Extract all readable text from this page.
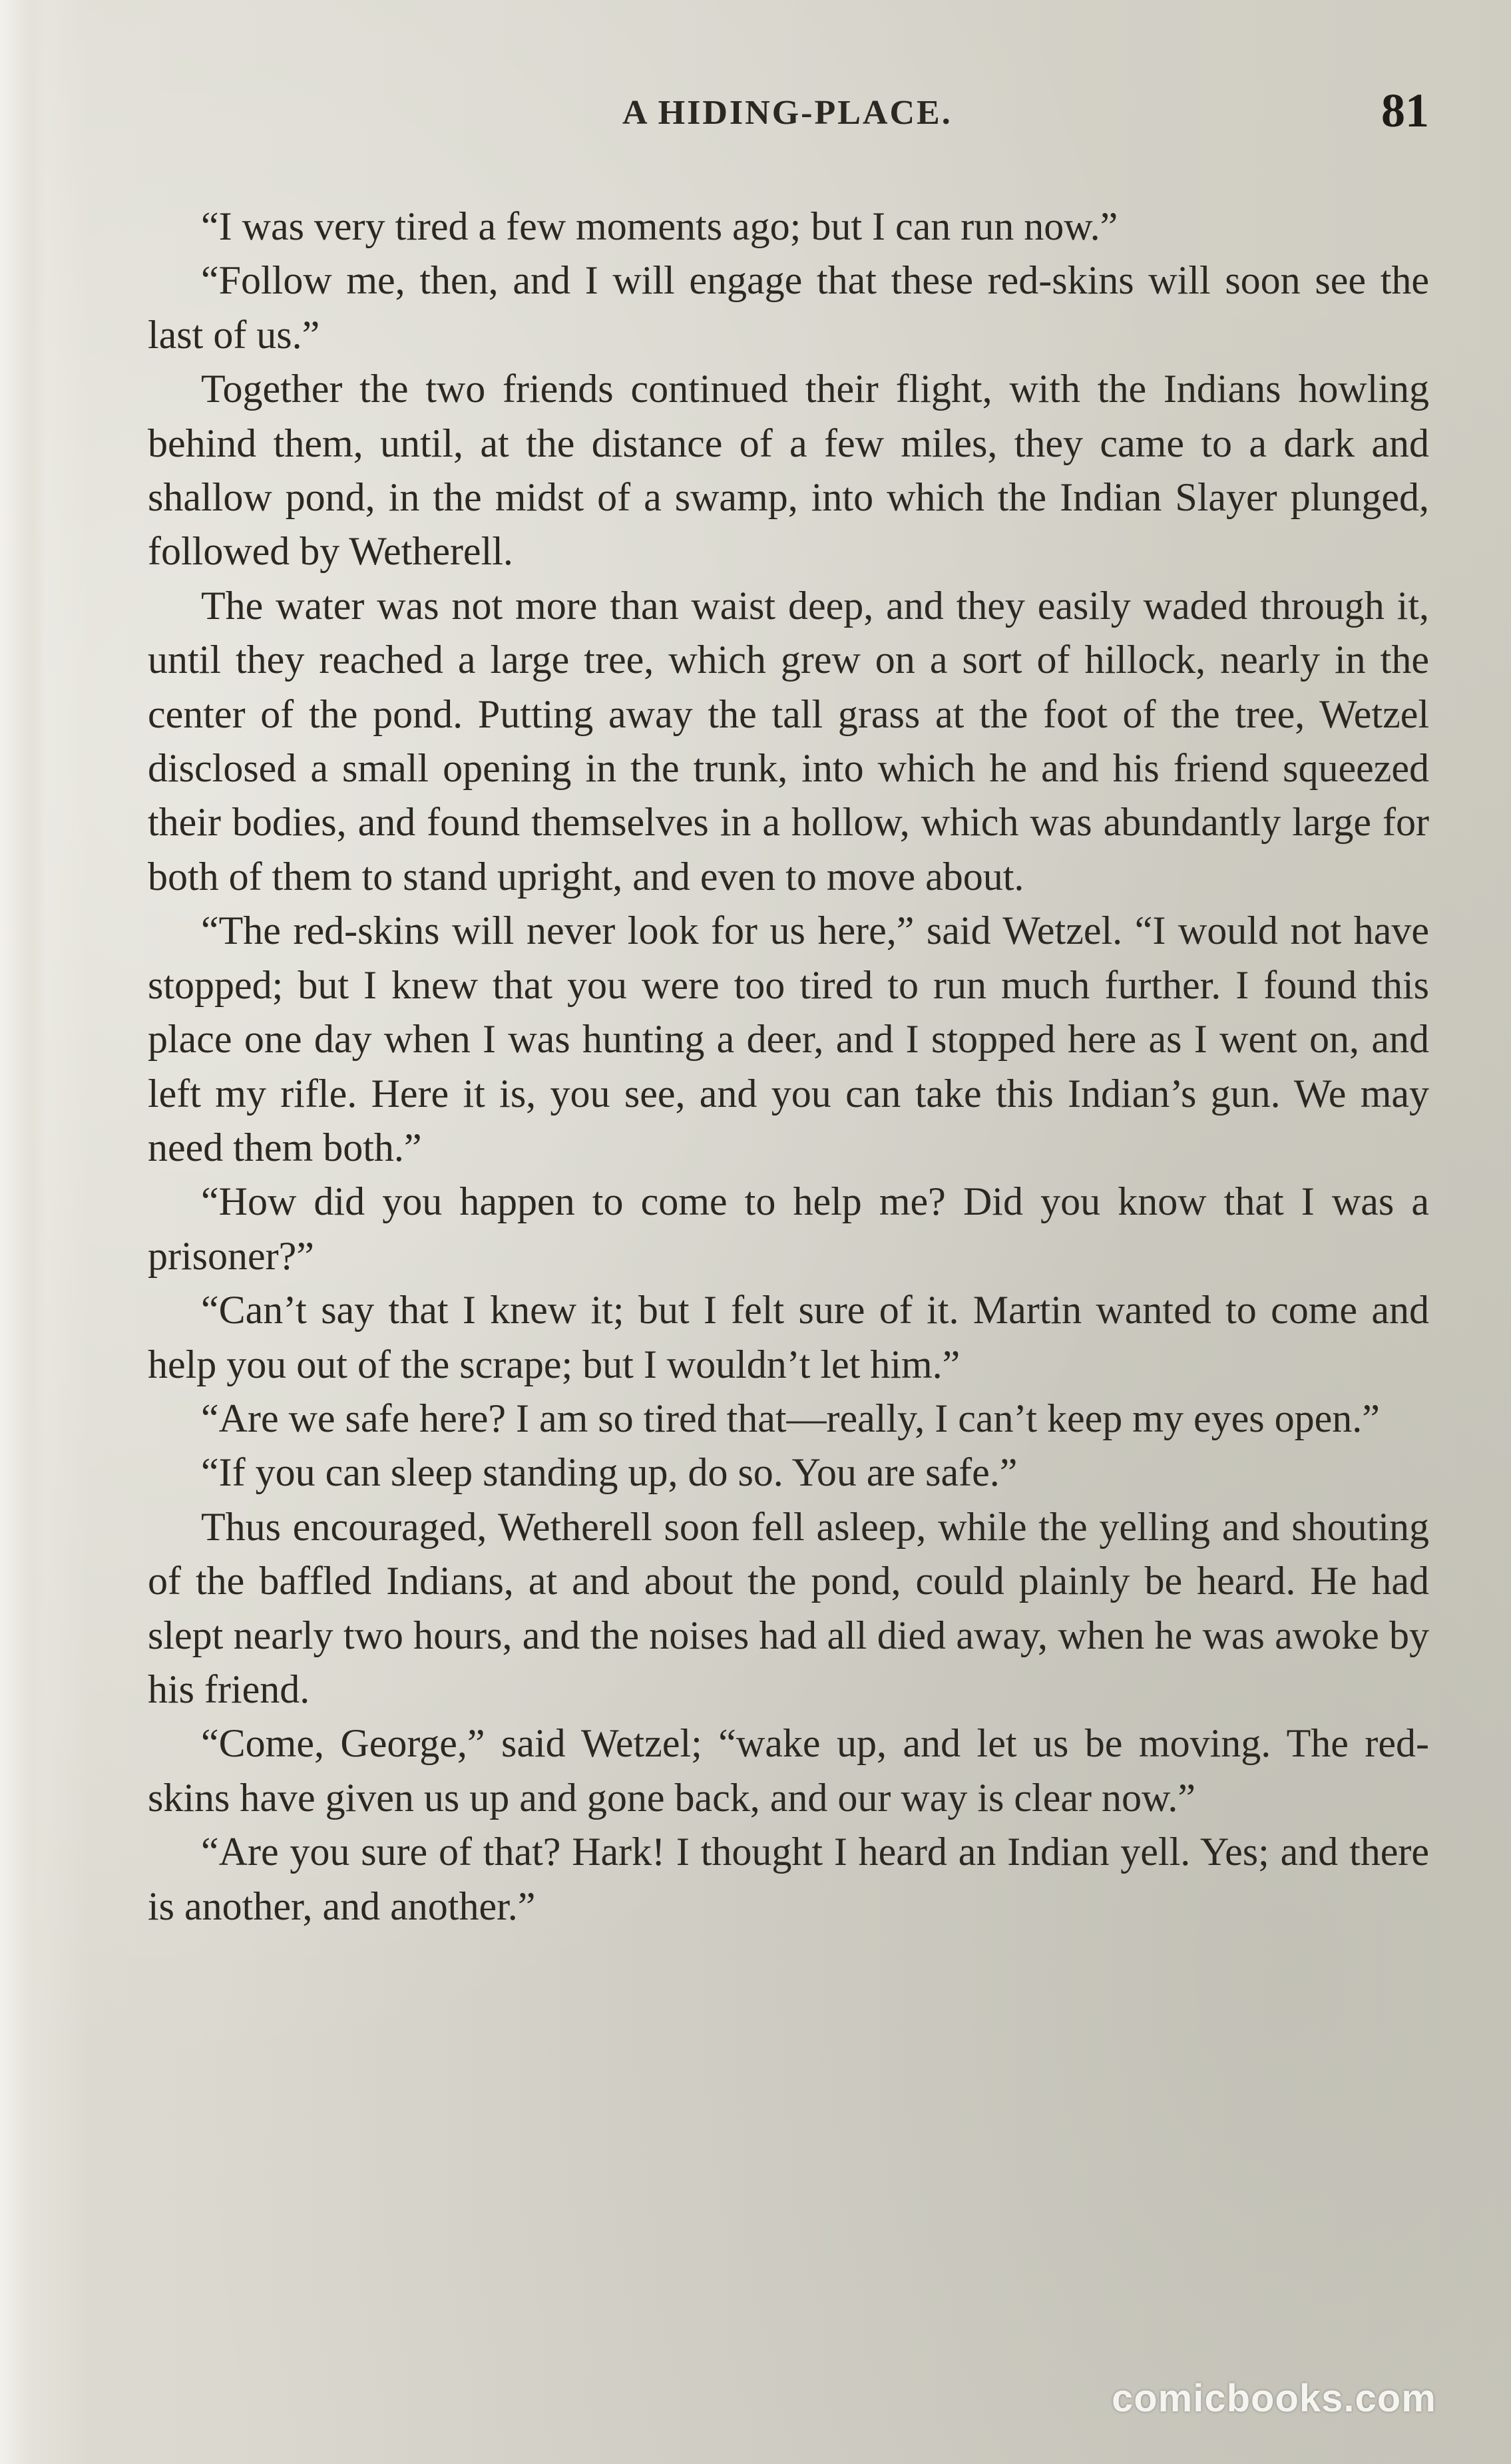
A HIDING-PLACE.	81

“I was very tired a few moments ago; but I can run now.”

“Follow me, then, and I will engage that these red-skins will soon see the last of us.”

Together the two friends continued their flight, with the Indians howling behind them, until, at the distance of a few miles, they came to a dark and shallow pond, in the midst of a swamp, into which the Indian Slayer plunged, followed by Wetherell.

The water was not more than waist deep, and they easily waded through it, until they reached a large tree, which grew on a sort of hillock, nearly in the center of the pond. Putting away the tall grass at the foot of the tree, Wetzel disclosed a small opening in the trunk, into which he and his friend squeezed their bodies, and found themselves in a hollow, which was abundantly large for both of them to stand upright, and even to move about.

“The red-skins will never look for us here,” said Wetzel. “I would not have stopped; but I knew that you were too tired to run much further. I found this place one day when I was hunting a deer, and I stopped here as I went on, and left my rifle. Here it is, you see, and you can take this Indian’s gun. We may need them both.”

“How did you happen to come to help me? Did you know that I was a prisoner?”

“Can’t say that I knew it; but I felt sure of it. Martin wanted to come and help you out of the scrape; but I wouldn’t let him.”

“Are we safe here? I am so tired that—really, I can’t keep my eyes open.”

“If you can sleep standing up, do so. You are safe.”

Thus encouraged, Wetherell soon fell asleep, while the yelling and shouting of the baffled Indians, at and about the pond, could plainly be heard. He had slept nearly two hours, and the noises had all died away, when he was awoke by his friend.

“Come, George,” said Wetzel; “wake up, and let us be moving. The red-skins have given us up and gone back, and our way is clear now.”

“Are you sure of that? Hark! I thought I heard an Indian yell. Yes; and there is another, and another.”

comicbooks.com
